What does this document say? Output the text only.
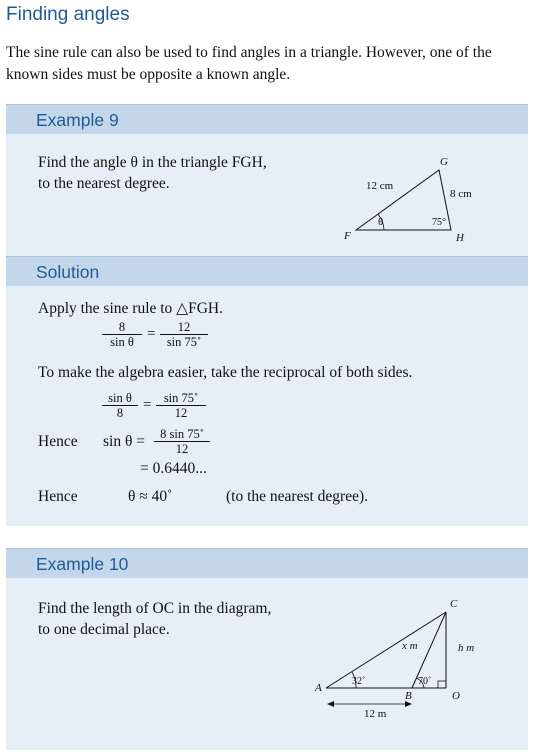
Finding angles
The sine rule can also be used to find angles in a triangle. However, one of the known sides must be opposite a known angle.
Example 9
Find the angle θ in the triangle FGH,
to the nearest degree.
F
G
H
12 cm
8 cm
75°
θ
Solution
Apply the sine rule to △FGH.
$\frac{8}{\text{sin θ}} = \frac{12}{\sin 75˚}$
To make the algebra easier, take the reciprocal of both sides.
$\frac{\text{sin θ}}{8} = \frac{\sin 75˚}{12}$
Hence $\sin \theta = \frac{8 \sin 75˚}{12}$
= 0.6440...
Hence	θ ≈ 40˚	(to the nearest degree).
Example 10
Find the length of OC in the diagram,
to one decimal place.
A
B
C
O
32˚	70˚
x m	h m
12 m
